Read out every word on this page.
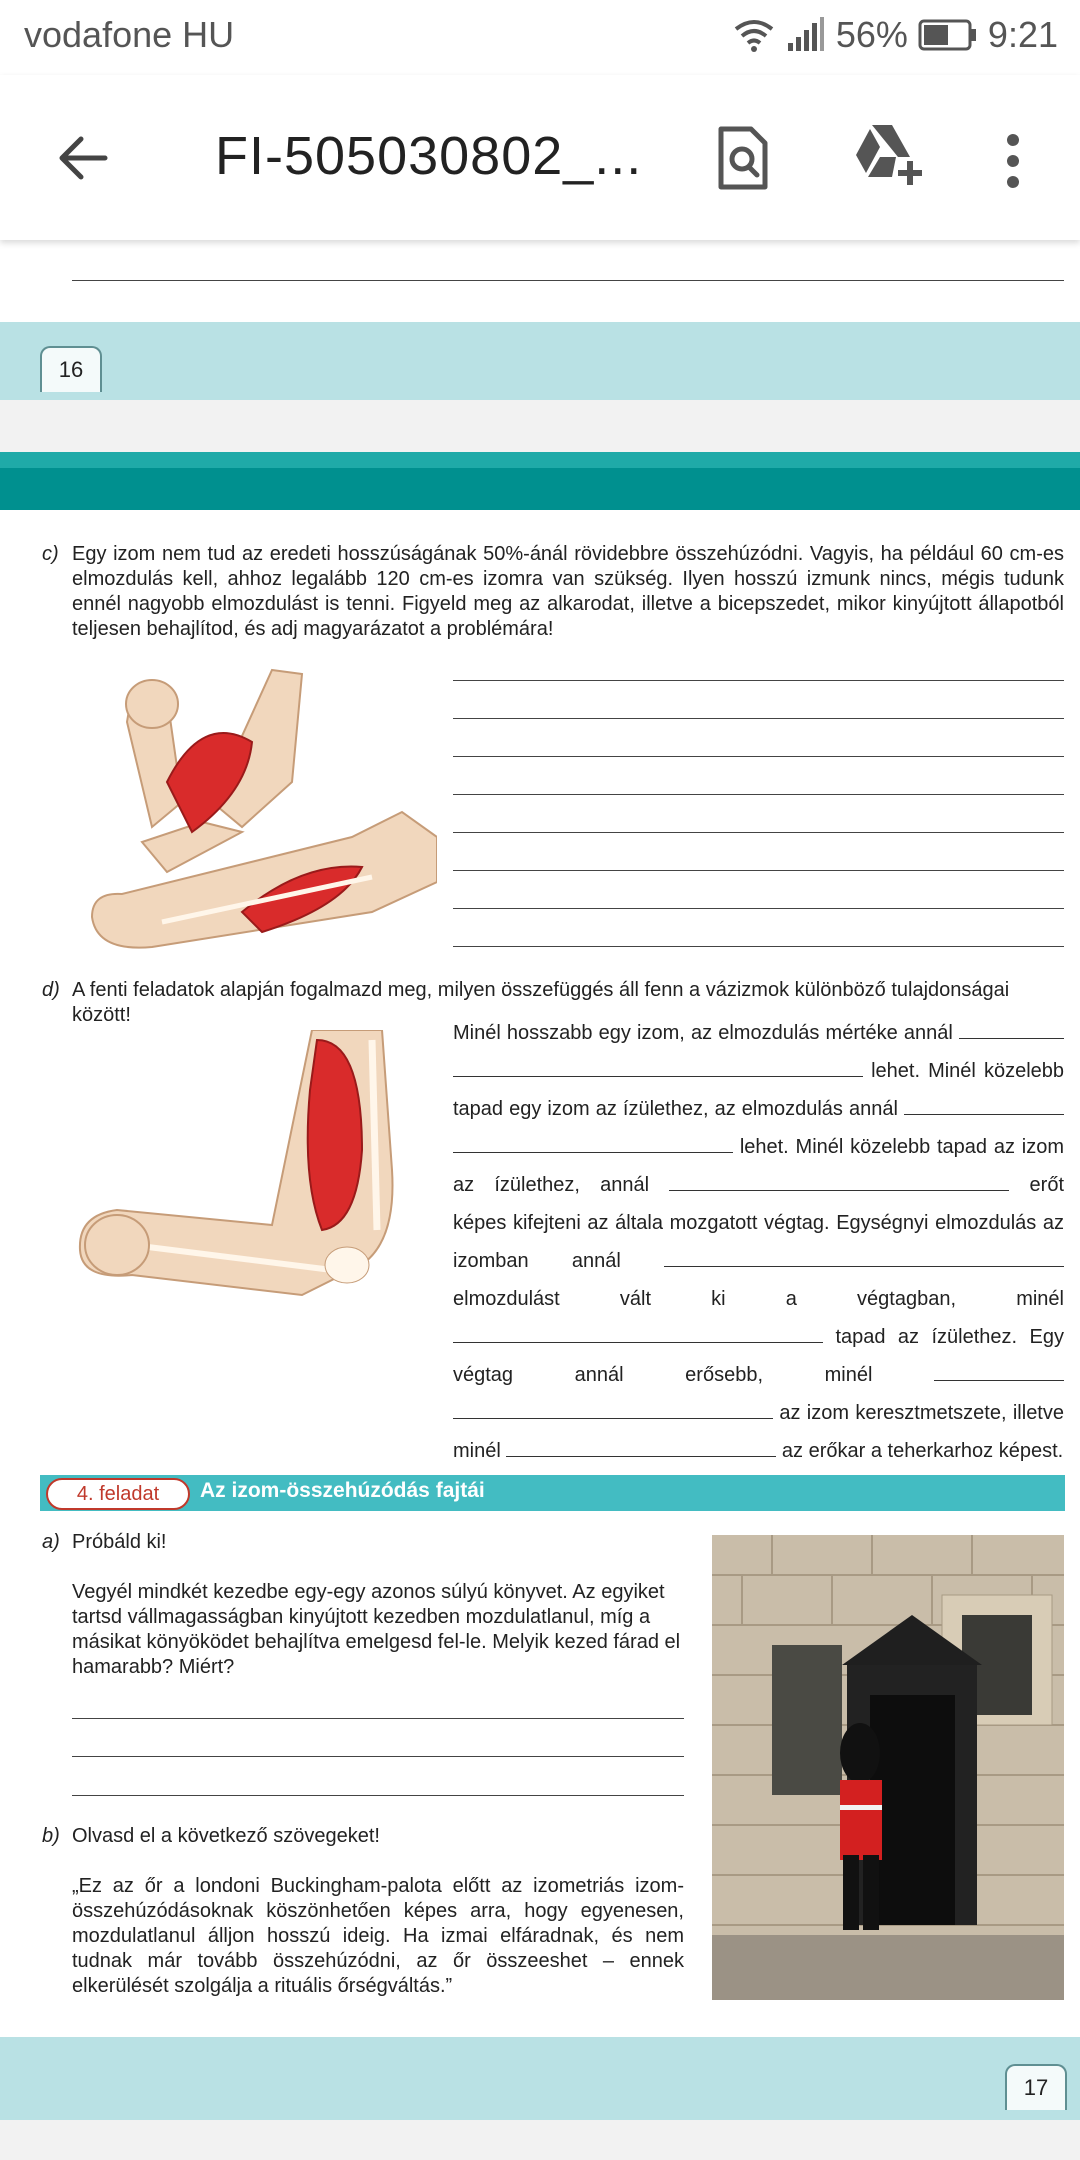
vodafone HU	56% 9:21
FI-505030802_...
16
c) Egy izom nem tud az eredeti hosszúságának 50%-ánál rövidebbre összehúzódni. Vagyis, ha például 60 cm-es elmozdulás kell, ahhoz legalább 120 cm-es izomra van szükség. Ilyen hosszú izmunk nincs, mégis tudunk ennél nagyobb elmozdulást is tenni. Figyeld meg az alkarodat, illetve a bicepszedet, mikor kinyújtott állapotból teljesen behajlítod, és adj magyarázatot a problémára!
d) A fenti feladatok alapján fogalmazd meg, milyen összefüggés áll fenn a vázizmok különböző tulajdonságai között!
Minél hosszabb egy izom, az elmozdulás mértéke annál   lehet. Minél közelebb tapad egy izom az ízülethez, az elmozdulás annál   lehet. Minél közelebb tapad az izom az ízülethez, annál	erőt képes kifejteni az általa mozgatott végtag. Egységnyi elmozdulás az izomban annál  elmozdulást vált ki a végtagban, minél  tapad az ízülethez. Egy végtag annál erősebb, minél   az izom keresztmetszete, illetve minél	az erőkar a teherkarhoz képest.
4. feladat	Az izom-összehúzódás fajtái
a) Próbáld ki!
Vegyél mindkét kezedbe egy-egy azonos súlyú könyvet. Az egyiket tartsd vállmagasságban kinyújtott kezedben mozdulatlanul, míg a másikat könyöködet behajlítva emelgesd fel-le. Melyik kezed fárad el hamarabb? Miért?
b) Olvasd el a következő szövegeket!
„Ez az őr a londoni Buckingham-palota előtt az izometriás izom-összehúzódásoknak köszönhetően képes arra, hogy egyenesen, mozdulatlanul álljon hosszú ideig. Ha izmai elfáradnak, és nem tudnak már tovább összehúzódni, az őr összeeshet – ennek elkerülését szolgálja a rituális őrségváltás.”
17
